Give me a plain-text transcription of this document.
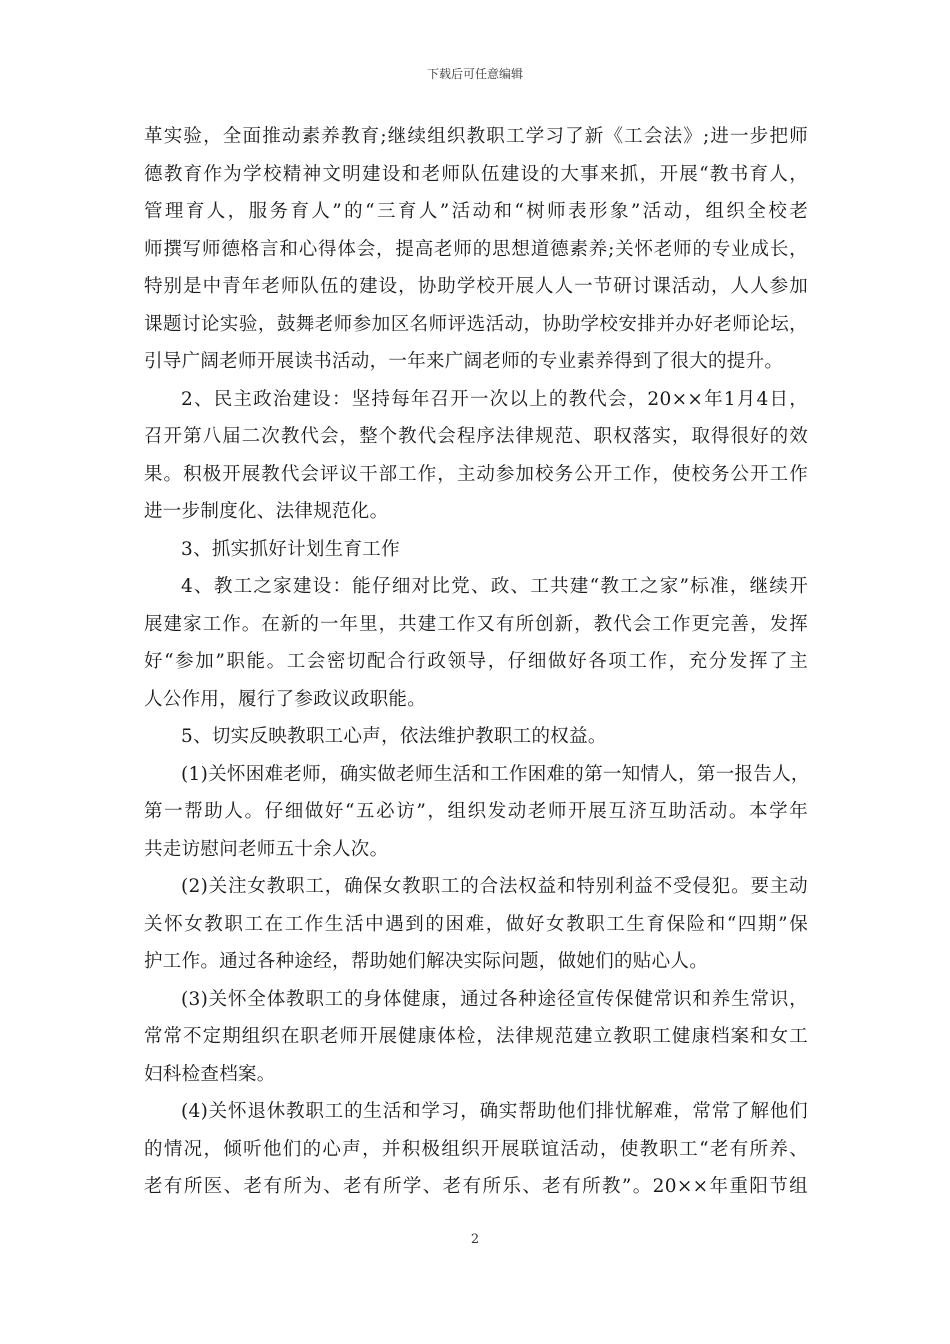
下载后可任意编辑
革实验，全面推动素养教育;继续组织教职工学习了新《工会法》;进一步把师
德教育作为学校精神文明建设和老师队伍建设的大事来抓，开展“教书育人，
管理育人，服务育人”的“三育人”活动和“树师表形象”活动，组织全校老
师撰写师德格言和心得体会，提高老师的思想道德素养;关怀老师的专业成长，
特别是中青年老师队伍的建设，协助学校开展人人一节研讨课活动，人人参加
课题讨论实验，鼓舞老师参加区名师评选活动，协助学校安排并办好老师论坛，
引导广阔老师开展读书活动，一年来广阔老师的专业素养得到了很大的提升。
2、民主政治建设：坚持每年召开一次以上的教代会，20××年1月4日，
召开第八届二次教代会，整个教代会程序法律规范、职权落实，取得很好的效
果。积极开展教代会评议干部工作，主动参加校务公开工作，使校务公开工作
进一步制度化、法律规范化。
3、抓实抓好计划生育工作
4、教工之家建设：能仔细对比党、政、工共建“教工之家”标准，继续开
展建家工作。在新的一年里，共建工作又有所创新，教代会工作更完善，发挥
好“参加”职能。工会密切配合行政领导，仔细做好各项工作，充分发挥了主
人公作用，履行了参政议政职能。
5、切实反映教职工心声，依法维护教职工的权益。
(1)关怀困难老师，确实做老师生活和工作困难的第一知情人，第一报告人，
第一帮助人。仔细做好“五必访”，组织发动老师开展互济互助活动。本学年
共走访慰问老师五十余人次。
(2)关注女教职工，确保女教职工的合法权益和特别利益不受侵犯。要主动
关怀女教职工在工作生活中遇到的困难，做好女教职工生育保险和“四期”保
护工作。通过各种途经，帮助她们解决实际问题，做她们的贴心人。
(3)关怀全体教职工的身体健康，通过各种途径宣传保健常识和养生常识，
常常不定期组织在职老师开展健康体检，法律规范建立教职工健康档案和女工
妇科检查档案。
(4)关怀退休教职工的生活和学习，确实帮助他们排忧解难，常常了解他们
的情况，倾听他们的心声，并积极组织开展联谊活动，使教职工“老有所养、
老有所医、老有所为、老有所学、老有所乐、老有所教”。20××年重阳节组
2
